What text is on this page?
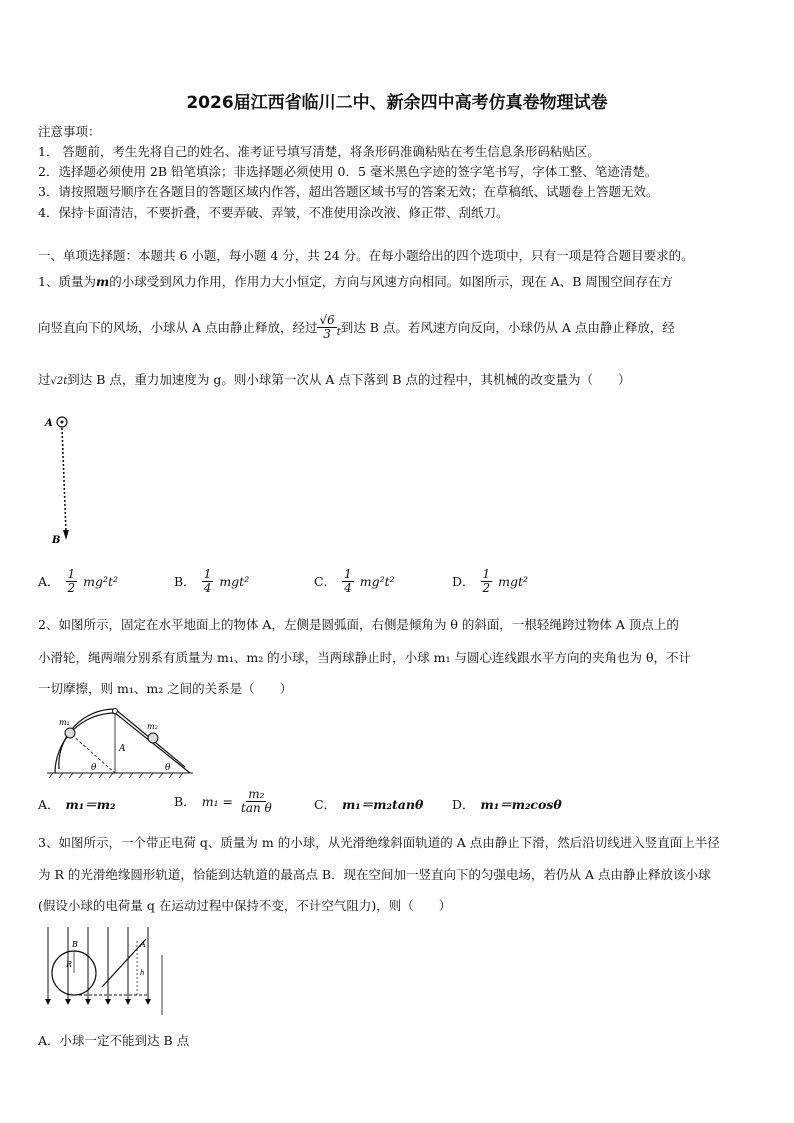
2026届江西省临川二中、新余四中高考仿真卷物理试卷
注意事项：
1． 答题前，考生先将自己的姓名、准考证号填写清楚，将条形码准确粘贴在考生信息条形码粘贴区。
2．选择题必须使用 2B 铅笔填涂；非选择题必须使用 0．5 毫米黑色字迹的签字笔书写，字体工整、笔迹清楚。
3．请按照题号顺序在各题目的答题区域内作答，超出答题区域书写的答案无效；在草稿纸、试题卷上答题无效。
4．保持卡面清洁，不要折叠，不要弄破、弄皱，不准使用涂改液、修正带、刮纸刀。
一、单项选择题：本题共 6 小题，每小题 4 分，共 24 分。在每小题给出的四个选项中，只有一项是符合题目要求的。
1、质量为m的小球受到风力作用，作用力大小恒定，方向与风速方向相同。如图所示，现在 A、B 周围空间存在方
向竖直向下的风场，小球从 A 点由静止释放，经过 $\frac{√6}{3}$ t 到达 B 点。若风速方向反向，小球仍从 A 点由静止释放，经
过√2t到达 B 点，重力加速度为 g。则小球第一次从 A 点下落到 B 点的过程中，其机械的改变量为（　　）
A
B
A． $\frac{1}{2} mg^2t^2$	B． $\frac{1}{4} mgt^2$	C． $\frac{1}{4} mg^2t^2$	D． $\frac{1}{2} mgt^2$
2、如图所示，固定在水平地面上的物体 A，左侧是圆弧面，右侧是倾角为 θ 的斜面，一根轻绳跨过物体 A 顶点上的
小滑轮，绳两端分别系有质量为 m₁、m₂ 的小球，当两球静止时，小球 m₁ 与圆心连线跟水平方向的夹角也为 θ，不计
一切摩擦，则 m₁、m₂ 之间的关系是（　　）
m₁	m₂
A
θ	θ
A． m₁＝m₂	B． $m_1 = \frac{\text{m₂}}{\text{tan θ}}$	C． m₁＝m₂tanθ D． m₁＝m₂cosθ
3、如图所示，一个带正电荷 q、质量为 m 的小球，从光滑绝缘斜面轨道的 A 点由静止下滑，然后沿切线进入竖直面上半径
为 R 的光滑绝缘圆形轨道，恰能到达轨道的最高点 B．现在空间加一竖直向下的匀强电场，若仍从 A 点由静止释放该小球
(假设小球的电荷量 q 在运动过程中保持不变，不计空气阻力)，则（　　）
B
R
A
h
A．小球一定不能到达 B 点
